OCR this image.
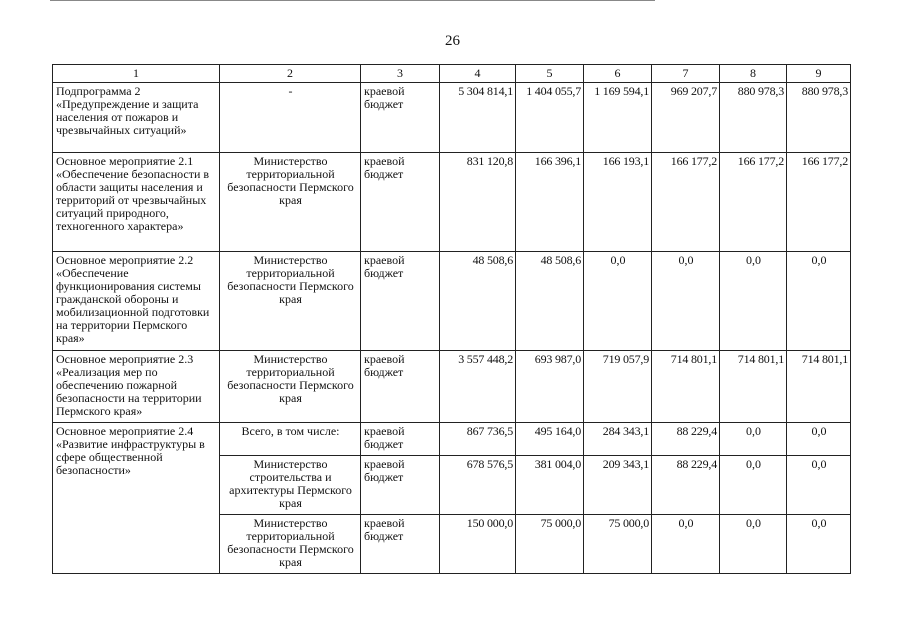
26
1	2	3	4	5	6	7	8	9
Подпрограмма 2 «Предупреждение и защита населения от пожаров и чрезвычайных ситуаций»	-	краевой бюджет	5 304 814,1	1 404 055,7	1 169 594,1	969 207,7	880 978,3	880 978,3
Основное мероприятие 2.1 «Обеспечение безопасности в области защиты населения и территорий от чрезвычайных ситуаций природного, техногенного характера»	Министерство территориальной безопасности Пермского края	краевой бюджет	831 120,8	166 396,1	166 193,1	166 177,2	166 177,2	166 177,2
Основное мероприятие 2.2 «Обеспечение функционирования системы гражданской обороны и мобилизационной подготовки на территории Пермского края»	Министерство территориальной безопасности Пермского края	краевой бюджет	48 508,6	48 508,6	0,0	0,0	0,0	0,0
Основное мероприятие 2.3 «Реализация мер по обеспечению пожарной безопасности на территории Пермского края»	Министерство территориальной безопасности Пермского края	краевой бюджет	3 557 448,2	693 987,0	719 057,9	714 801,1	714 801,1	714 801,1
Основное мероприятие 2.4 «Развитие инфраструктуры в сфере общественной безопасности»	Всего, в том числе:	краевой бюджет	867 736,5	495 164,0	284 343,1	88 229,4	0,0	0,0
	Министерство строительства и архитектуры Пермского края	краевой бюджет	678 576,5	381 004,0	209 343,1	88 229,4	0,0	0,0
	Министерство территориальной безопасности Пермского края	краевой бюджет	150 000,0	75 000,0	75 000,0	0,0	0,0	0,0
